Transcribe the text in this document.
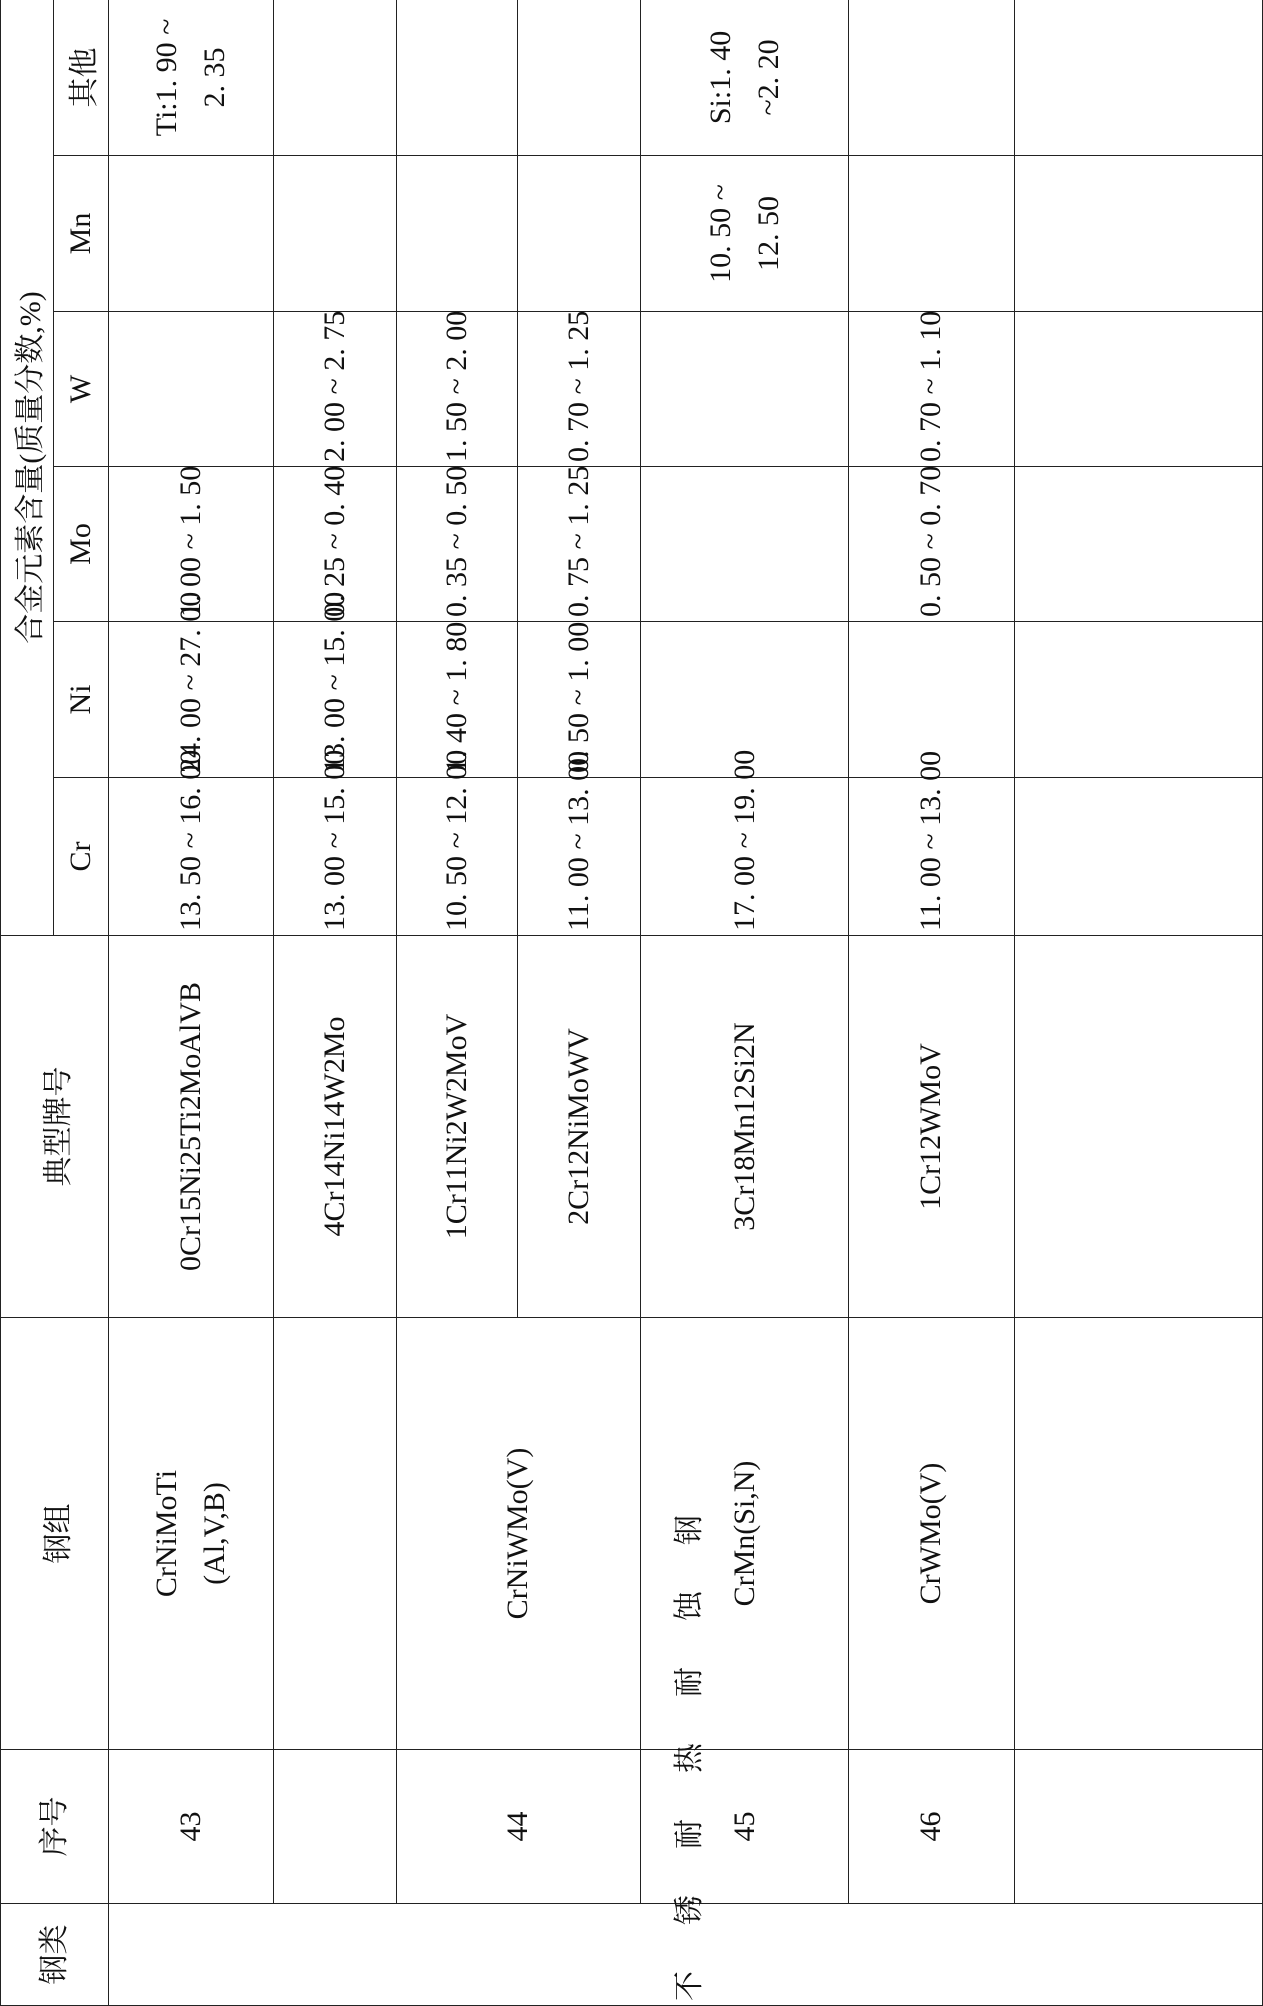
钢类	序号	钢组	典型牌号	合金元素含量(质量分数,%)					
				Cr	Ni	Mo	W	Mn	其他
不锈耐热耐蚀钢	43	CrNiMoTi (Al,V,B)	0Cr15Ni25Ti2MoAlVB	13. 50 ~ 16. 00	24. 00 ~ 27. 00	1. 00 ~ 1. 50			Ti:1. 90 ~ 2. 35

			4Cr14Ni14W2Mo	13. 00 ~ 15. 00	13. 00 ~ 15. 00	0. 25 ~ 0. 40	2. 00 ~ 2. 75		
	44	CrNiWMo(V)	1Cr11Ni2W2MoV	10. 50 ~ 12. 00	1. 40 ~ 1. 80	0. 35 ~ 0. 50	1. 50 ~ 2. 00		
			2Cr12NiMoWV	11. 00 ~ 13. 00	0. 50 ~ 1. 00	0. 75 ~ 1. 25	0. 70 ~ 1. 25		
	45	CrMn(Si,N)	3Cr18Mn12Si2N	17. 00 ~ 19. 00				10. 50 ~ 12. 50	Si:1. 40 ~2. 20

	46	CrWMo(V)	1Cr12WMoV	11. 00 ~ 13. 00		0. 50 ~ 0. 70	0. 70 ~ 1. 10		
